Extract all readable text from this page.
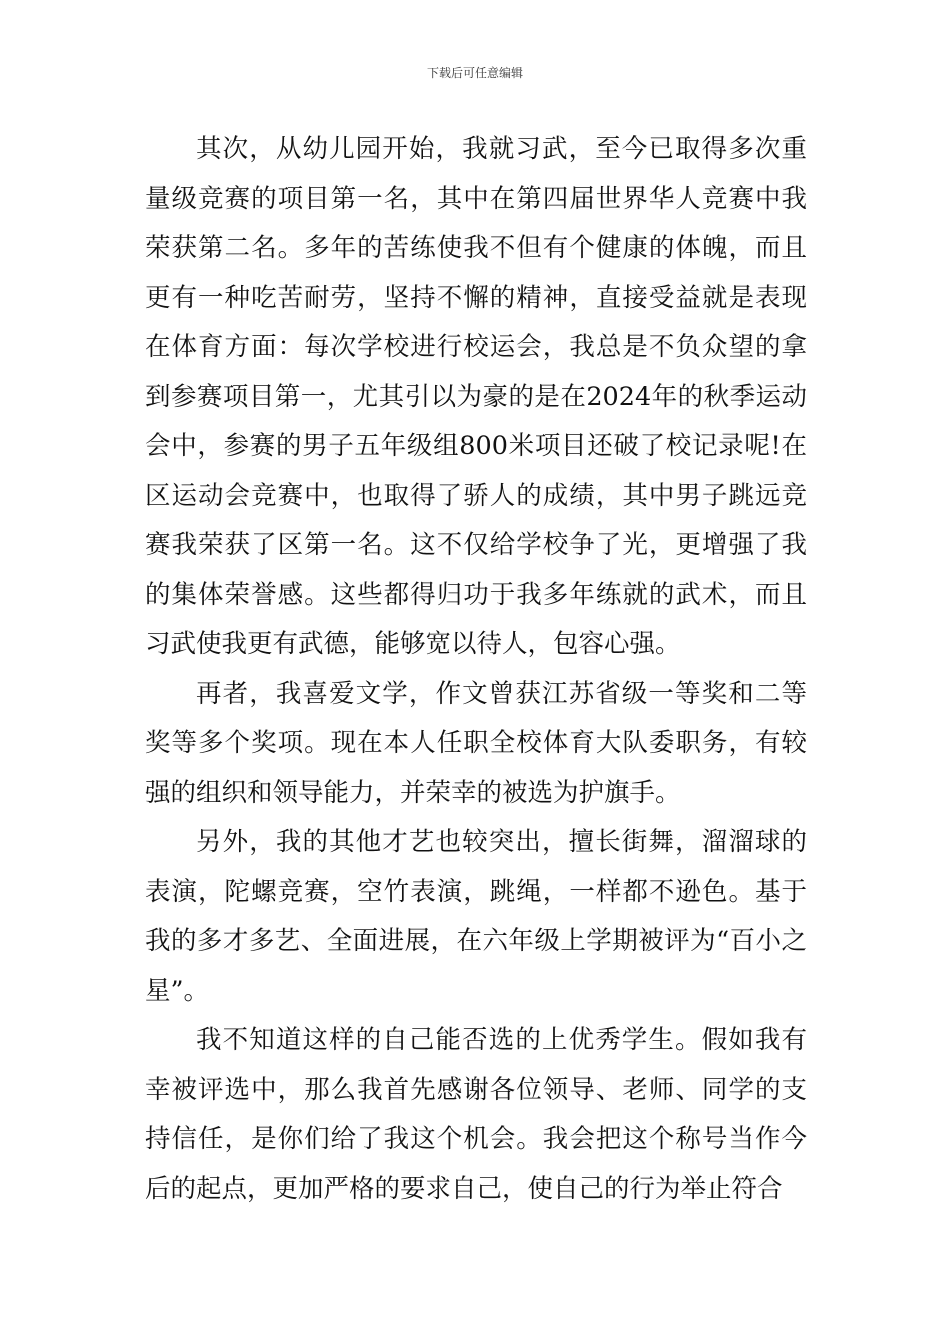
下载后可任意编辑

其次，从幼儿园开始，我就习武，至今已取得多次重量级竞赛的项目第一名，其中在第四届世界华人竞赛中我荣获第二名。多年的苦练使我不但有个健康的体魄，而且更有一种吃苦耐劳，坚持不懈的精神，直接受益就是表现在体育方面：每次学校进行校运会，我总是不负众望的拿到参赛项目第一，尤其引以为豪的是在2024年的秋季运动会中，参赛的男子五年级组800米项目还破了校记录呢!在区运动会竞赛中，也取得了骄人的成绩，其中男子跳远竞赛我荣获了区第一名。这不仅给学校争了光，更增强了我的集体荣誉感。这些都得归功于我多年练就的武术，而且习武使我更有武德，能够宽以待人，包容心强。

再者，我喜爱文学，作文曾获江苏省级一等奖和二等奖等多个奖项。现在本人任职全校体育大队委职务，有较强的组织和领导能力，并荣幸的被选为护旗手。

另外，我的其他才艺也较突出，擅长街舞，溜溜球的表演，陀螺竞赛，空竹表演，跳绳，一样都不逊色。基于我的多才多艺、全面进展，在六年级上学期被评为“百小之星”。

我不知道这样的自己能否选的上优秀学生。假如我有幸被评选中，那么我首先感谢各位领导、老师、同学的支持信任，是你们给了我这个机会。我会把这个称号当作今后的起点，更加严格的要求自己，使自己的行为举止符合
